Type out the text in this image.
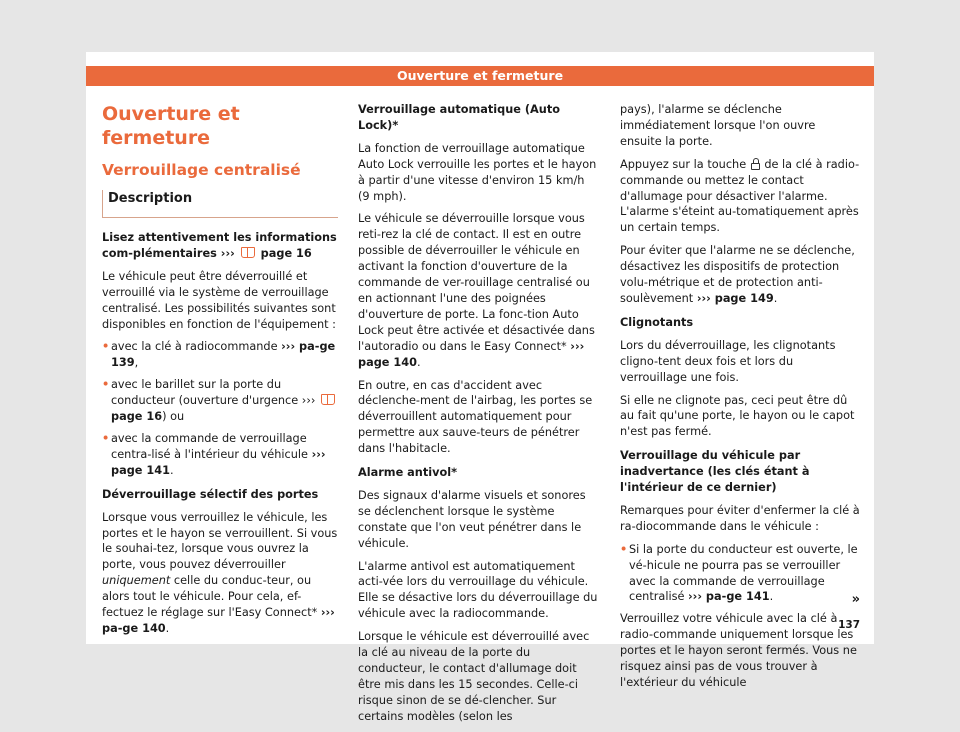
Ouverture et fermeture
Ouverture et fermeture
Verrouillage centralisé
Description

Lisez attentivement les informations com-plémentaires ››› page 16

Le véhicule peut être déverrouillé et verrouillé via le système de verrouillage centralisé. Les possibilités suivantes sont disponibles en fonction de l'équipement :

• avec la clé à radiocommande ››› pa-ge 139,
• avec le barillet sur la porte du conducteur (ouverture d'urgence ››› page 16) ou
• avec la commande de verrouillage centra-lisé à l'intérieur du véhicule ››› page 141.

Déverrouillage sélectif des portes

Lorsque vous verrouillez le véhicule, les portes et le hayon se verrouillent. Si vous le souhai-tez, lorsque vous ouvrez la porte, vous pouvez déverrouiller uniquement celle du conduc-teur, ou alors tout le véhicule. Pour cela, ef-fectuez le réglage sur l'Easy Connect* ››› pa-ge 140.

Verrouillage automatique (Auto Lock)*

La fonction de verrouillage automatique Auto Lock verrouille les portes et le hayon à partir d'une vitesse d'environ 15 km/h (9 mph).

Le véhicule se déverrouille lorsque vous reti-rez la clé de contact. Il est en outre possible de déverrouiller le véhicule en activant la fonction d'ouverture de la commande de ver-rouillage centralisé ou en actionnant l'une des poignées d'ouverture de porte. La fonc-tion Auto Lock peut être activée et désactivée dans l'autoradio ou dans le Easy Connect* ››› page 140.

En outre, en cas d'accident avec déclenche-ment de l'airbag, les portes se déverrouillent automatiquement pour permettre aux sauve-teurs de pénétrer dans l'habitacle.

Alarme antivol*

Des signaux d'alarme visuels et sonores se déclenchent lorsque le système constate que l'on veut pénétrer dans le véhicule.

L'alarme antivol est automatiquement acti-vée lors du verrouillage du véhicule. Elle se désactive lors du déverrouillage du véhicule avec la radiocommande.

Lorsque le véhicule est déverrouillé avec la clé au niveau de la porte du conducteur, le contact d'allumage doit être mis dans les 15 secondes. Celle-ci risque sinon de se dé-clencher. Sur certains modèles (selon les

pays), l'alarme se déclenche immédiatement lorsque l'on ouvre ensuite la porte.

Appuyez sur la touche  de la clé à radio-commande ou mettez le contact d'allumage pour désactiver l'alarme. L'alarme s'éteint au-tomatiquement après un certain temps.

Pour éviter que l'alarme ne se déclenche, désactivez les dispositifs de protection volu-métrique et de protection anti-soulèvement ››› page 149.

Clignotants

Lors du déverrouillage, les clignotants cligno-tent deux fois et lors du verrouillage une fois.

Si elle ne clignote pas, ceci peut être dû au fait qu'une porte, le hayon ou le capot n'est pas fermé.

Verrouillage du véhicule par inadvertance (les clés étant à l'intérieur de ce dernier)

Remarques pour éviter d'enfermer la clé à ra-diocommande dans le véhicule :

• Si la porte du conducteur est ouverte, le vé-hicule ne pourra pas se verrouiller avec la commande de verrouillage centralisé ››› pa-ge 141.

Verrouillez votre véhicule avec la clé à radio-commande uniquement lorsque les portes et le hayon seront fermés. Vous ne risquez ainsi pas de vous trouver à l'extérieur du véhicule

»
137
